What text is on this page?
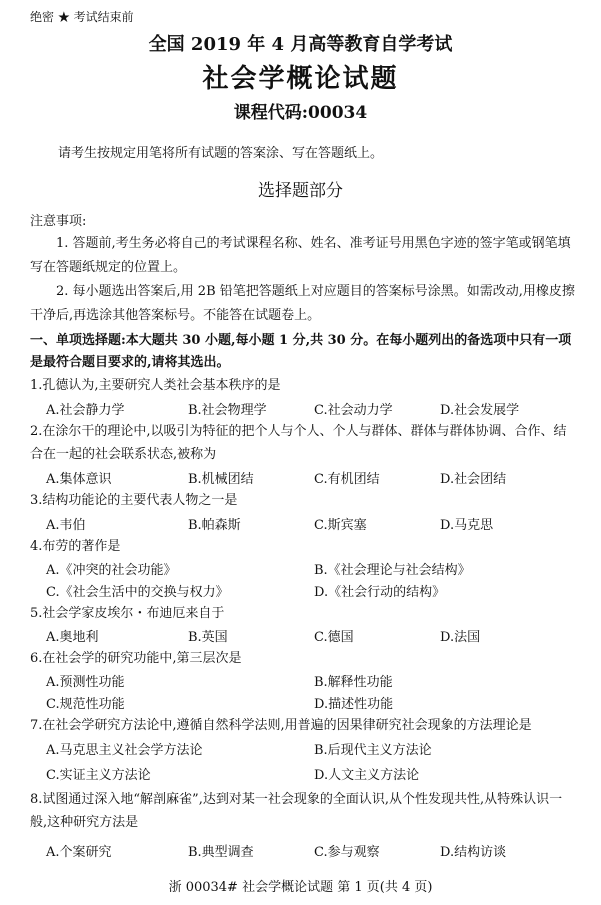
绝密 ★ 考试结束前
全国 2019 年 4 月高等教育自学考试
社会学概论试题
课程代码:00034
请考生按规定用笔将所有试题的答案涂、写在答题纸上。
选择题部分
注意事项:
1. 答题前,考生务必将自己的考试课程名称、姓名、准考证号用黑色字迹的签字笔或钢笔填写在答题纸规定的位置上。
2. 每小题选出答案后,用 2B 铅笔把答题纸上对应题目的答案标号涂黑。如需改动,用橡皮擦干净后,再选涂其他答案标号。不能答在试题卷上。
一、单项选择题:本大题共 30 小题,每小题 1 分,共 30 分。在每小题列出的备选项中只有一项是最符合题目要求的,请将其选出。
1.孔德认为,主要研究人类社会基本秩序的是
A.社会静力学	B.社会物理学	C.社会动力学	D.社会发展学
2.在涂尔干的理论中,以吸引为特征的把个人与个人、个人与群体、群体与群体协调、合作、结合在一起的社会联系状态,被称为
A.集体意识	B.机械团结	C.有机团结	D.社会团结
3.结构功能论的主要代表人物之一是
A.韦伯	B.帕森斯	C.斯宾塞	D.马克思
4.布劳的著作是
A.《冲突的社会功能》	B.《社会理论与社会结构》
C.《社会生活中的交换与权力》	D.《社会行动的结构》
5.社会学家皮埃尔・布迪厄来自于
A.奥地利	B.英国	C.德国	D.法国
6.在社会学的研究功能中,第三层次是
A.预测性功能	B.解释性功能
C.规范性功能	D.描述性功能
7.在社会学研究方法论中,遵循自然科学法则,用普遍的因果律研究社会现象的方法理论是
A.马克思主义社会学方法论	B.后现代主义方法论
C.实证主义方法论	D.人文主义方法论
8.试图通过深入地“解剖麻雀”,达到对某一社会现象的全面认识,从个性发现共性,从特殊认识一般,这种研究方法是
A.个案研究	B.典型调查	C.参与观察	D.结构访谈
浙 00034# 社会学概论试题 第 1 页(共 4 页)
